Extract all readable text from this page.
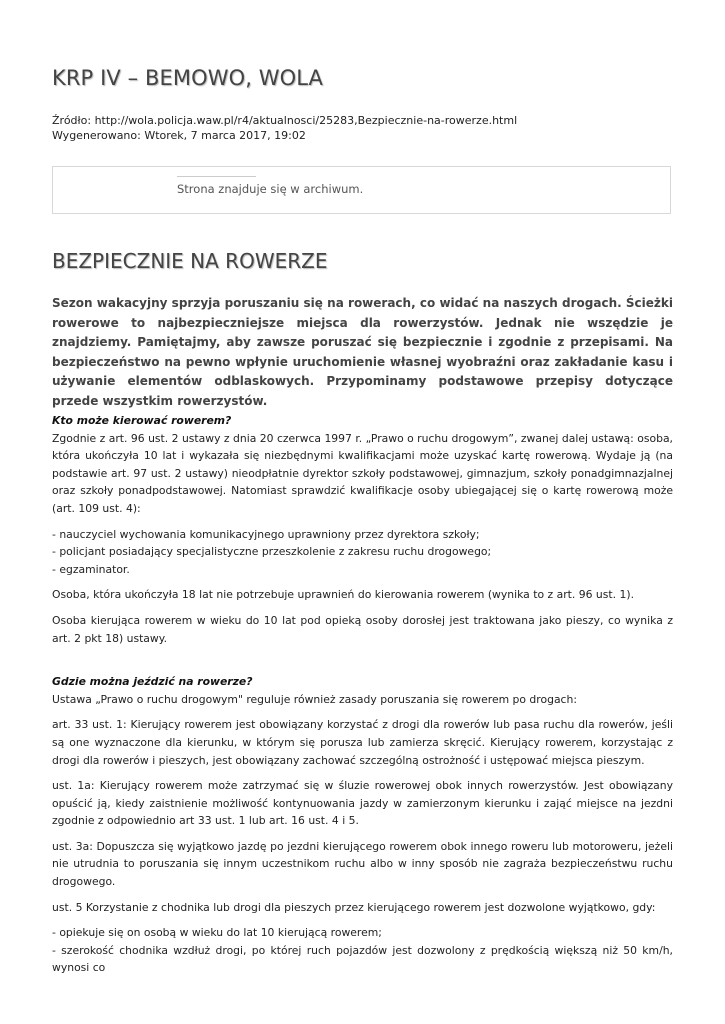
KRP IV – BEMOWO, WOLA
Źródło: http://wola.policja.waw.pl/r4/aktualnosci/25283,Bezpiecznie-na-rowerze.html
Wygenerowano: Wtorek, 7 marca 2017, 19:02
Strona znajduje się w archiwum.
BEZPIECZNIE NA ROWERZE

Sezon wakacyjny sprzyja poruszaniu się na rowerach, co widać na naszych drogach. Ścieżki rowerowe to najbezpieczniejsze miejsca dla rowerzystów. Jednak nie wszędzie je znajdziemy. Pamiętajmy, aby zawsze poruszać się bezpiecznie i zgodnie z przepisami. Na bezpieczeństwo na pewno wpłynie uruchomienie własnej wyobraźni oraz zakładanie kasu i używanie elementów odblaskowych. Przypominamy podstawowe przepisy dotyczące przede wszystkim rowerzystów.

Kto może kierować rowerem?

Zgodnie z art. 96 ust. 2 ustawy z dnia 20 czerwca 1997 r. „Prawo o ruchu drogowym”, zwanej dalej ustawą: osoba, która ukończyła 10 lat i wykazała się niezbędnymi kwalifikacjami może uzyskać kartę rowerową. Wydaje ją (na podstawie art. 97 ust. 2 ustawy) nieodpłatnie dyrektor szkoły podstawowej, gimnazjum, szkoły ponadgimnazjalnej oraz szkoły ponadpodstawowej. Natomiast sprawdzić kwalifikacje osoby ubiegającej się o kartę rowerową może (art. 109 ust. 4):

- nauczyciel wychowania komunikacyjnego uprawniony przez dyrektora szkoły;
- policjant posiadający specjalistyczne przeszkolenie z zakresu ruchu drogowego;
- egzaminator.

Osoba, która ukończyła 18 lat nie potrzebuje uprawnień do kierowania rowerem (wynika to z art. 96 ust. 1).

Osoba kierująca rowerem w wieku do 10 lat pod opieką osoby dorosłej jest traktowana jako pieszy, co wynika z art. 2 pkt 18) ustawy.

Gdzie można jeździć na rowerze?

Ustawa „Prawo o ruchu drogowym" reguluje również zasady poruszania się rowerem po drogach:

art. 33 ust. 1: Kierujący rowerem jest obowiązany korzystać z drogi dla rowerów lub pasa ruchu dla rowerów, jeśli są one wyznaczone dla kierunku, w którym się porusza lub zamierza skręcić. Kierujący rowerem, korzystając z drogi dla rowerów i pieszych, jest obowiązany zachować szczególną ostrożność i ustępować miejsca pieszym.

ust. 1a: Kierujący rowerem może zatrzymać się w śluzie rowerowej obok innych rowerzystów. Jest obowiązany opuścić ją, kiedy zaistnienie możliwość kontynuowania jazdy w zamierzonym kierunku i zająć miejsce na jezdni zgodnie z odpowiednio art 33 ust. 1 lub art. 16 ust. 4 i 5.

ust. 3a: Dopuszcza się wyjątkowo jazdę po jezdni kierującego rowerem obok innego roweru lub motoroweru, jeżeli nie utrudnia to poruszania się innym uczestnikom ruchu albo w inny sposób nie zagraża bezpieczeństwu ruchu drogowego.

ust. 5 Korzystanie z chodnika lub drogi dla pieszych przez kierującego rowerem jest dozwolone wyjątkowo, gdy:

- opiekuje się on osobą w wieku do lat 10 kierującą rowerem;

- szerokość chodnika wzdłuż drogi, po której ruch pojazdów jest dozwolony z prędkością większą niż 50 km/h, wynosi co
